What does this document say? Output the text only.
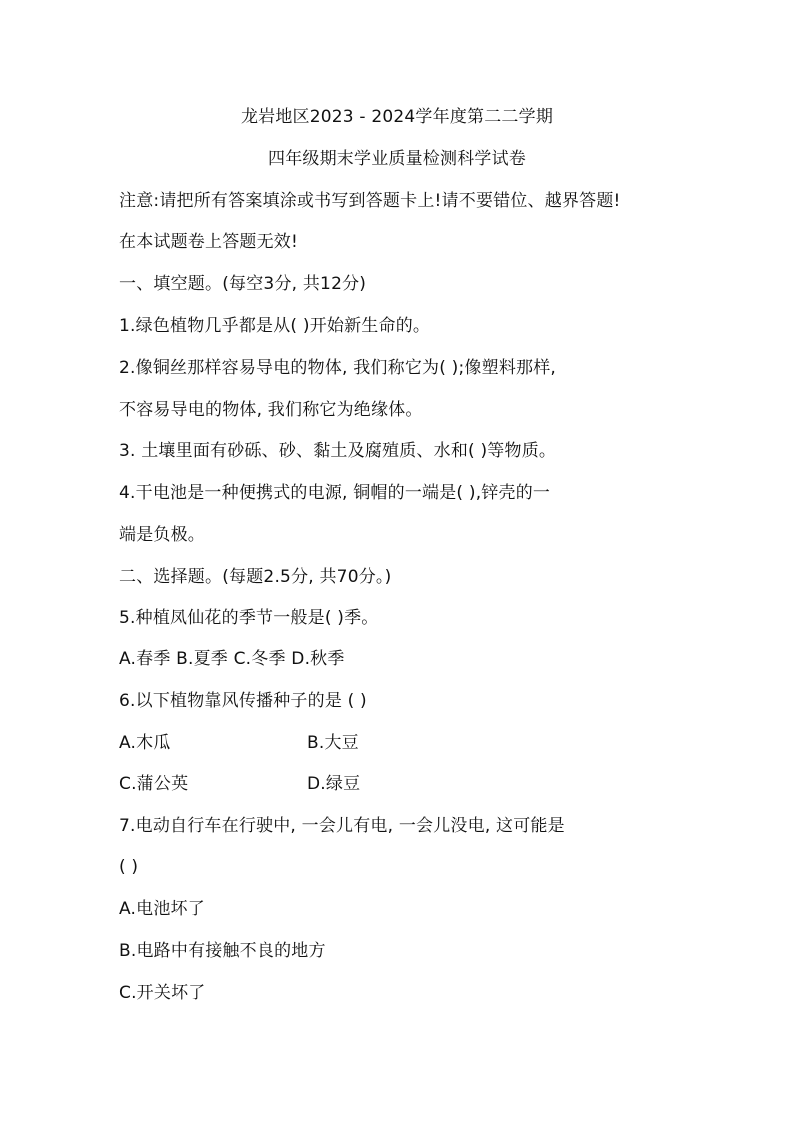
龙岩地区2023 - 2024学年度第二二学期
四年级期末学业质量检测科学试卷
注意:请把所有答案填涂或书写到答题卡上!请不要错位、越界答题!
在本试题卷上答题无效!
一、填空题。(每空3分, 共12分)
1.绿色植物几乎都是从( )开始新生命的。
2.像铜丝那样容易导电的物体, 我们称它为( );像塑料那样,
不容易导电的物体, 我们称它为绝缘体。
3. 土壤里面有砂砾、砂、黏土及腐殖质、水和( )等物质。
4.干电池是一种便携式的电源, 铜帽的一端是( ),锌壳的一
端是负极。
二、选择题。(每题2.5分, 共70分。)
5.种植凤仙花的季节一般是( )季。
A.春季 B.夏季 C.冬季 D.秋季
6.以下植物靠风传播种子的是 ( )
A.木瓜	B.大豆
C.蒲公英	D.绿豆
7.电动自行车在行驶中, 一会儿有电, 一会儿没电, 这可能是
( )
A.电池坏了
B.电路中有接触不良的地方
C.开关坏了
